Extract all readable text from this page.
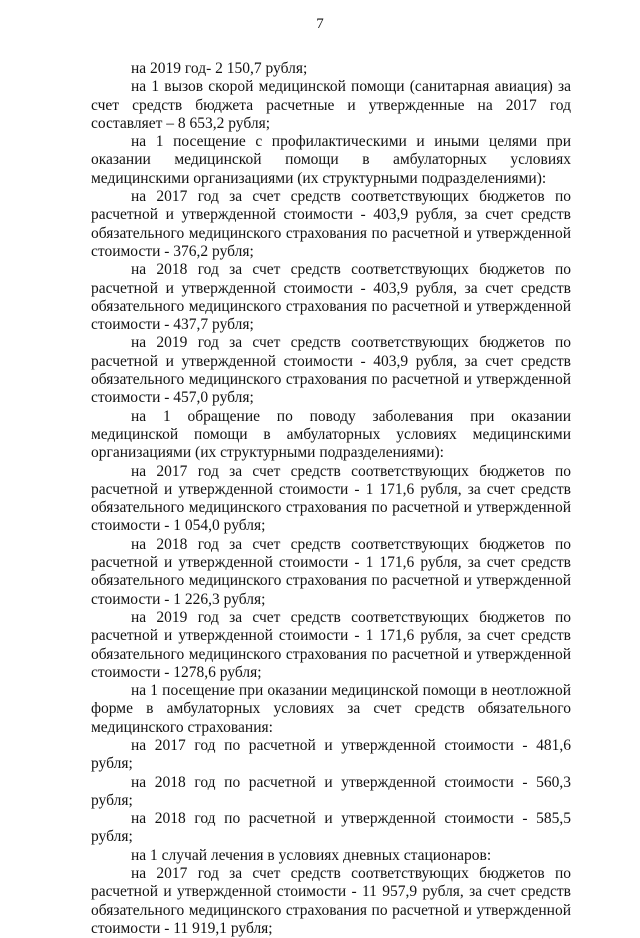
7

на 2019 год- 2 150,7 рубля;

на 1 вызов скорой медицинской помощи (санитарная авиация) за счет средств бюджета расчетные и утвержденные на 2017 год составляет – 8 653,2 рубля;

на 1 посещение с профилактическими и иными целями при оказании медицинской помощи в амбулаторных условиях медицинскими организациями (их структурными подразделениями):

на 2017 год за счет средств соответствующих бюджетов по расчетной и утвержденной стоимости - 403,9 рубля, за счет средств обязательного медицинского страхования по расчетной и утвержденной стоимости - 376,2 рубля;

на 2018 год за счет средств соответствующих бюджетов по расчетной и утвержденной стоимости - 403,9 рубля, за счет средств обязательного медицинского страхования по расчетной и утвержденной стоимости - 437,7 рубля;

на 2019 год за счет средств соответствующих бюджетов по расчетной и утвержденной стоимости - 403,9 рубля, за счет средств обязательного медицинского страхования по расчетной и утвержденной стоимости - 457,0 рубля;

на 1 обращение по поводу заболевания при оказании медицинской помощи в амбулаторных условиях медицинскими организациями (их структурными подразделениями):

на 2017 год за счет средств соответствующих бюджетов по расчетной и утвержденной стоимости - 1 171,6 рубля, за счет средств обязательного медицинского страхования по расчетной и утвержденной стоимости - 1 054,0 рубля;

на 2018 год за счет средств соответствующих бюджетов по расчетной и утвержденной стоимости - 1 171,6 рубля, за счет средств обязательного медицинского страхования по расчетной и утвержденной стоимости - 1 226,3 рубля;

на 2019 год за счет средств соответствующих бюджетов по расчетной и утвержденной стоимости - 1 171,6 рубля, за счет средств обязательного медицинского страхования по расчетной и утвержденной стоимости - 1278,6 рубля;

на 1 посещение при оказании медицинской помощи в неотложной форме в амбулаторных условиях за счет средств обязательного медицинского страхования:

на 2017 год по расчетной и утвержденной стоимости - 481,6 рубля;

на 2018 год по расчетной и утвержденной стоимости - 560,3 рубля;

на 2018 год по расчетной и утвержденной стоимости - 585,5 рубля;

на 1 случай лечения в условиях дневных стационаров:

на 2017 год за счет средств соответствующих бюджетов по расчетной и утвержденной стоимости - 11 957,9 рубля, за счет средств обязательного медицинского страхования по расчетной и утвержденной стоимости - 11 919,1 рубля;
